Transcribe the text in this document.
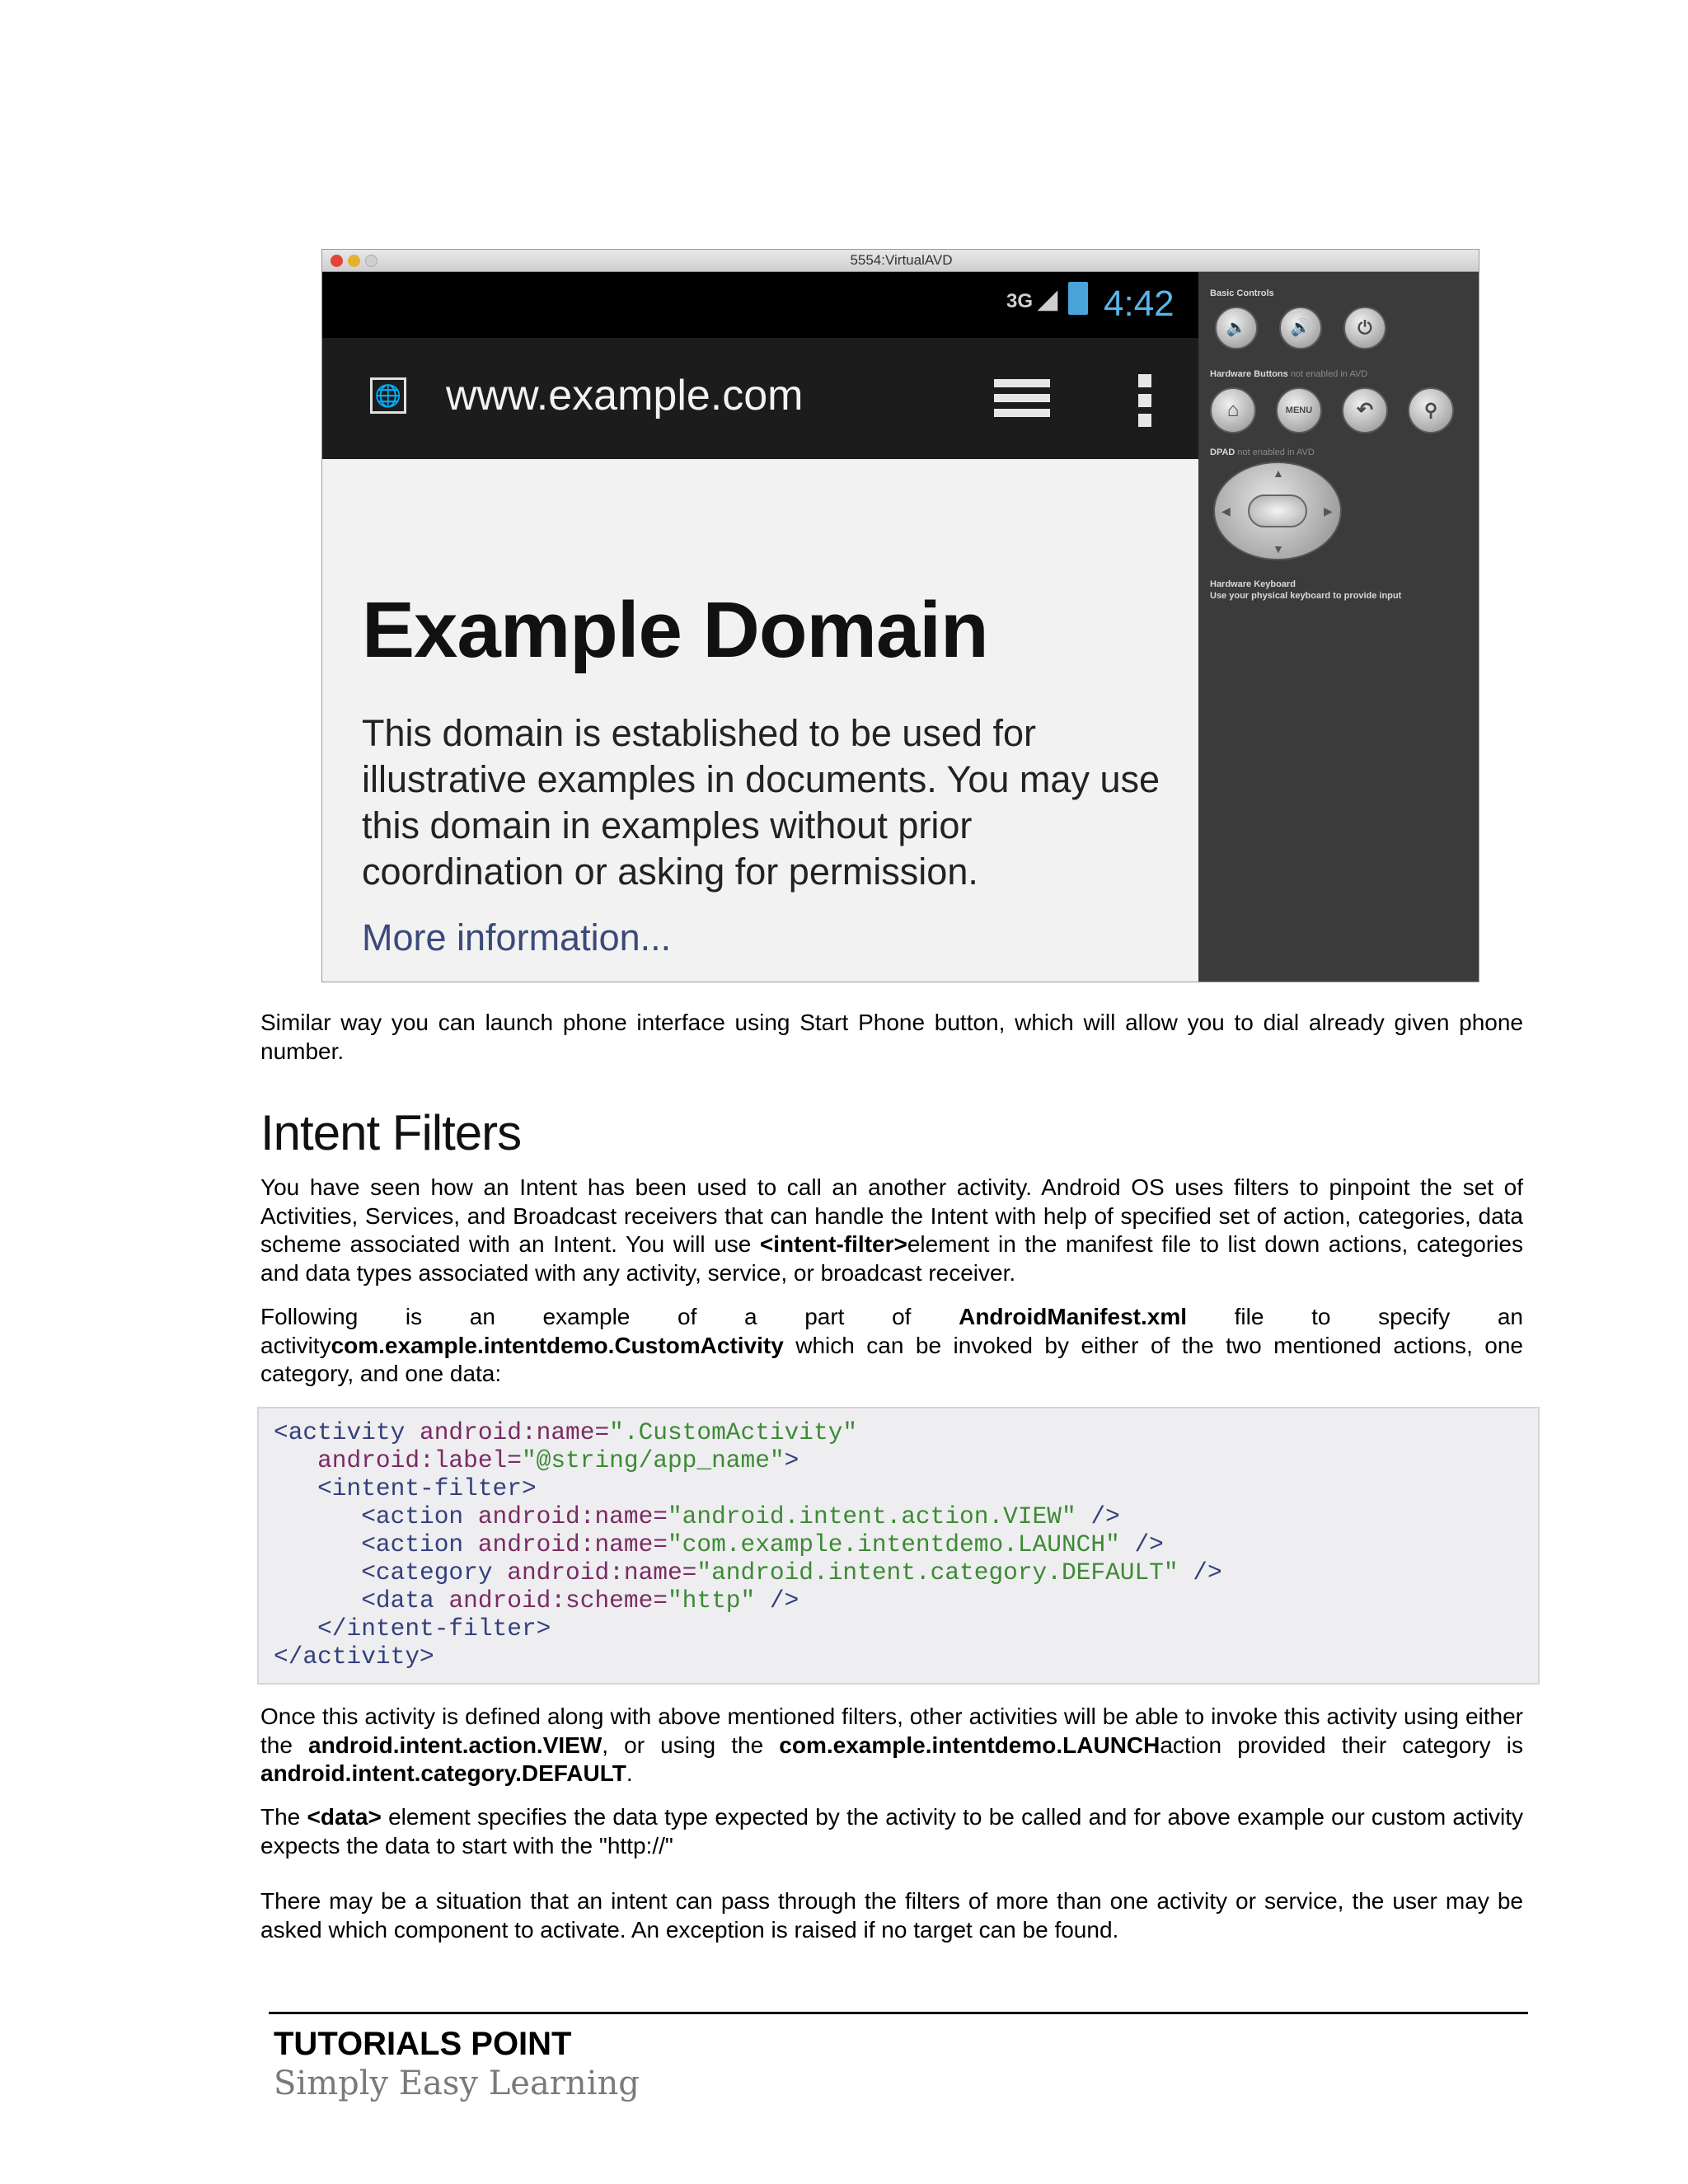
5554:VirtualAVD
3G ◢ 4:42
🌐 www.example.com
Example Domain
This domain is established to be used for illustrative examples in documents. You may use this domain in examples without prior coordination or asking for permission.
More information...
Basic Controls
🔈	🔊	⏻
Hardware Buttons not enabled in AVD
⌂	MENU	↶	⚲
DPAD not enabled in AVD
▲
▼
◀	▶
Hardware Keyboard
Use your physical keyboard to provide input
Similar way you can launch phone interface using Start Phone button, which will allow you to dial already given phone number.
Intent Filters
You have seen how an Intent has been used to call an another activity. Android OS uses filters to pinpoint the set of Activities, Services, and Broadcast receivers that can handle the Intent with help of specified set of action, categories, data scheme associated with an Intent. You will use <intent-filter>element in the manifest file to list down actions, categories and data types associated with any activity, service, or broadcast receiver.
Following is an example of a part of AndroidManifest.xml file to specify an activitycom.example.intentdemo.CustomActivity which can be invoked by either of the two mentioned actions, one category, and one data:
<activity android:name=".CustomActivity"
android:label="@string/app_name">
<intent-filter>
<action android:name="android.intent.action.VIEW" />
<action android:name="com.example.intentdemo.LAUNCH" />
<category android:name="android.intent.category.DEFAULT" />
<data android:scheme="http" />
</intent-filter>
</activity>
Once this activity is defined along with above mentioned filters, other activities will be able to invoke this activity using either the android.intent.action.VIEW, or using the com.example.intentdemo.LAUNCHaction provided their category is android.intent.category.DEFAULT.
The <data> element specifies the data type expected by the activity to be called and for above example our custom activity expects the data to start with the "http://"
There may be a situation that an intent can pass through the filters of more than one activity or service, the user may be asked which component to activate. An exception is raised if no target can be found.
TUTORIALS POINT
Simply Easy Learning
